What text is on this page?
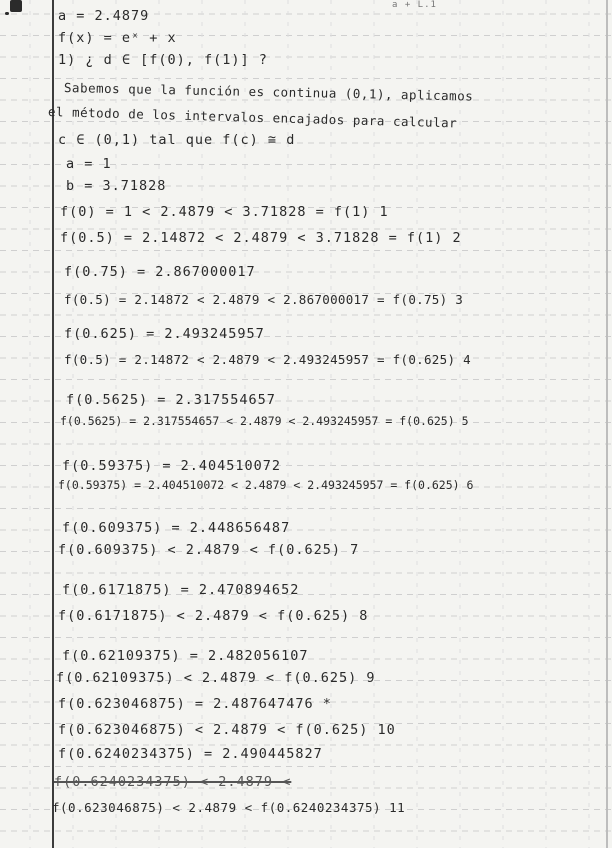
a + L.1
a = 2.4879
f(x) = eˣ + x
1) ¿ d ∈ [f(0), f(1)] ?
Sabemos que la función es continua (0,1), aplicamos
el método de los intervalos encajados para calcular
c ∈ (0,1) tal que f(c) ≅ d
a = 1
b = 3.71828
f(0) = 1 < 2.4879 < 3.71828 = f(1) 1
f(0.5) = 2.14872 < 2.4879 < 3.71828 = f(1) 2
f(0.75) = 2.867000017
f(0.5) = 2.14872 < 2.4879 < 2.867000017 = f(0.75) 3
f(0.625) = 2.493245957
f(0.5) = 2.14872 < 2.4879 < 2.493245957 = f(0.625) 4
f(0.5625) = 2.317554657
f(0.5625) = 2.317554657 < 2.4879 < 2.493245957 = f(0.625) 5
f(0.59375) = 2.404510072
f(0.59375) = 2.404510072 < 2.4879 < 2.493245957 = f(0.625) 6
f(0.609375) = 2.448656487
f(0.609375) < 2.4879 < f(0.625) 7
f(0.6171875) = 2.470894652
f(0.6171875) < 2.4879 < f(0.625) 8
f(0.62109375) = 2.482056107
f(0.62109375) < 2.4879 < f(0.625) 9
f(0.623046875) = 2.487647476 *
f(0.623046875) < 2.4879 < f(0.625) 10
f(0.6240234375) = 2.490445827
f(0.6240234375) < 2.4879 <
f(0.623046875) < 2.4879 < f(0.6240234375) 11
